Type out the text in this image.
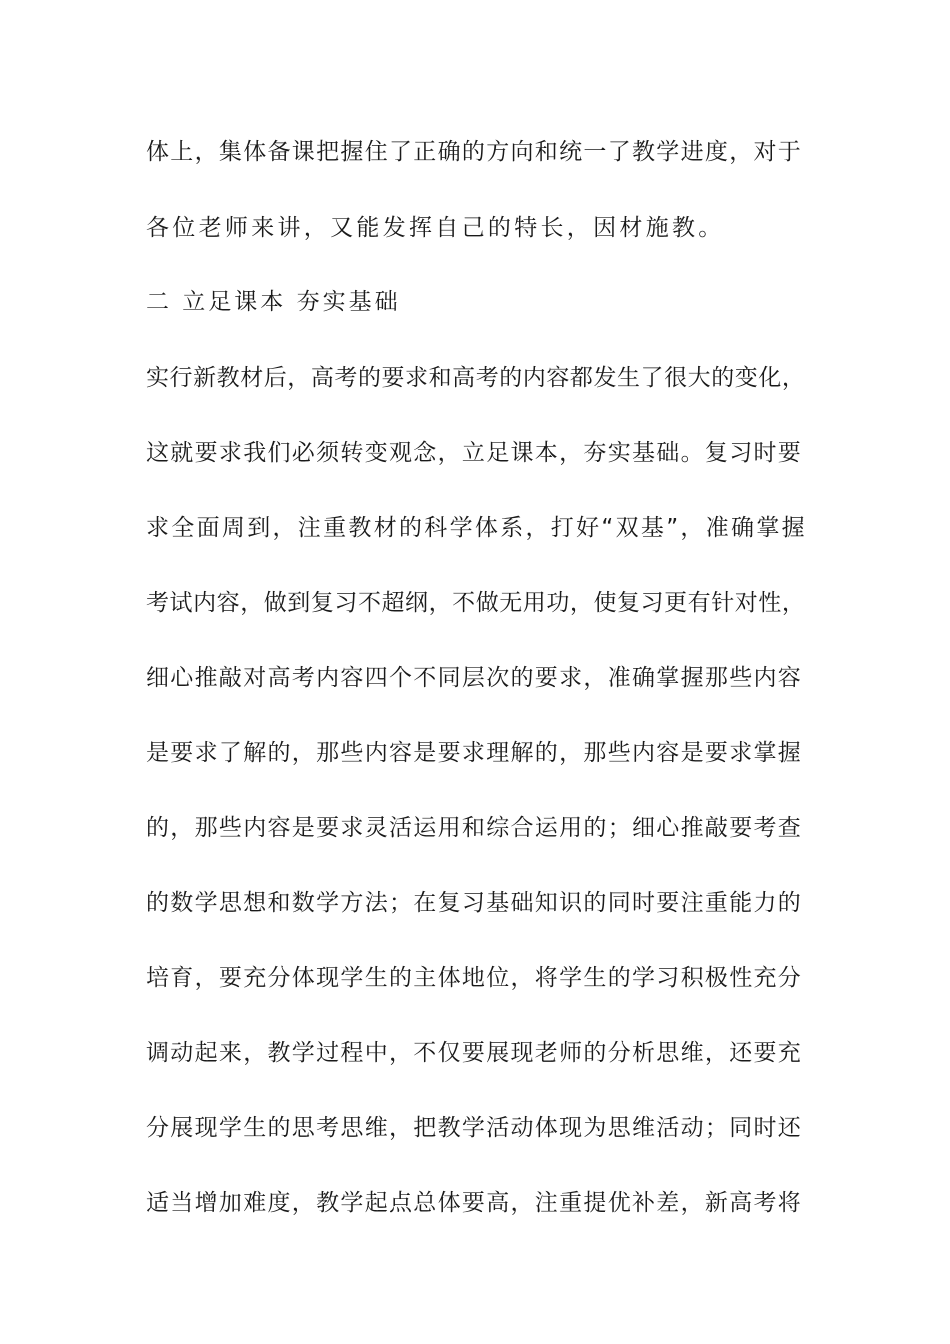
体上，集体备课把握住了正确的方向和统一了教学进度，对于
各位老师来讲，又能发挥自己的特长，因材施教。
二 立足课本 夯实基础
实行新教材后，高考的要求和高考的内容都发生了很大的变化，
这就要求我们必须转变观念，立足课本，夯实基础。复习时要
求全面周到，注重教材的科学体系，打好“双基”，准确掌握
考试内容，做到复习不超纲，不做无用功，使复习更有针对性，
细心推敲对高考内容四个不同层次的要求，准确掌握那些内容
是要求了解的，那些内容是要求理解的，那些内容是要求掌握
的，那些内容是要求灵活运用和综合运用的；细心推敲要考查
的数学思想和数学方法；在复习基础知识的同时要注重能力的
培育，要充分体现学生的主体地位，将学生的学习积极性充分
调动起来，教学过程中，不仅要展现老师的分析思维，还要充
分展现学生的思考思维，把教学活动体现为思维活动；同时还
适当增加难度，教学起点总体要高，注重提优补差，新高考将
